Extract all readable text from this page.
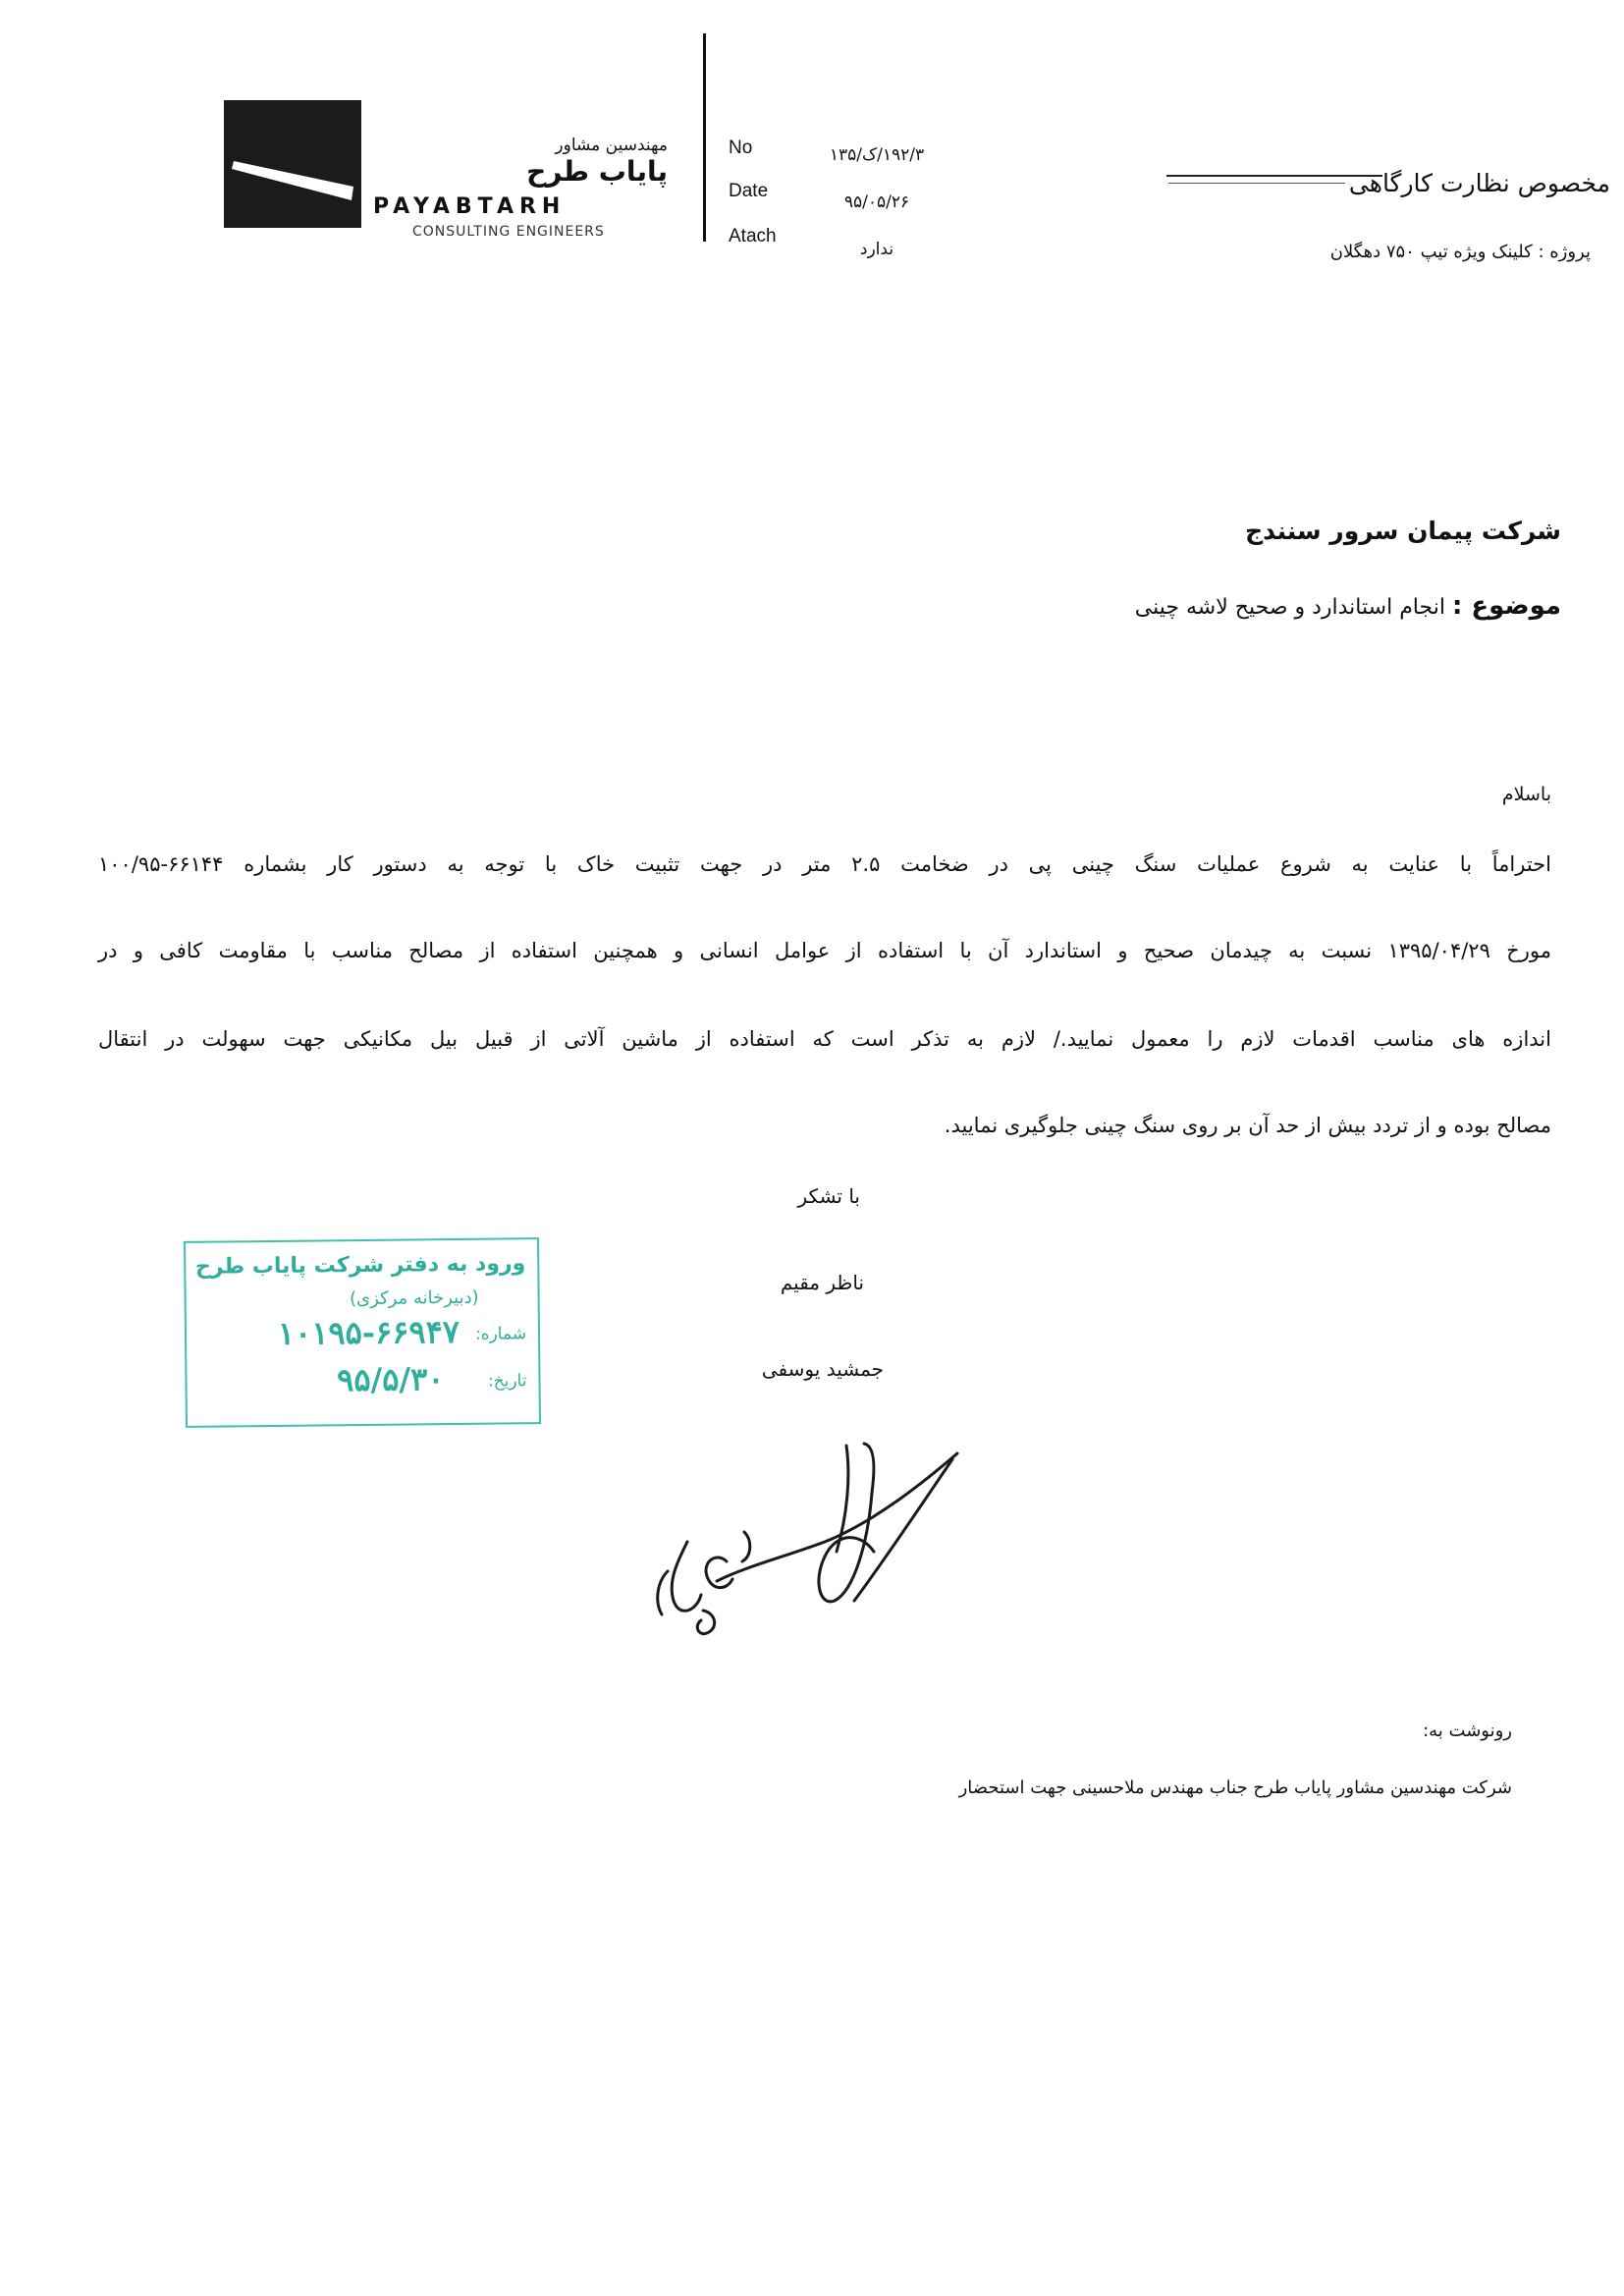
مهندسین مشاور
پایاب طرح
PAYABTARH
CONSULTING ENGINEERS
No	۱۹۲/۳/ک/۱۳۵
Date
۹۵/۰۵/۲۶
Atach
ندارد
مخصوص نظارت کارگاهی
پروژه : کلینک ویژه تیپ ۷۵۰ دهگلان
شرکت پیمان سرور سنندج
موضوع : انجام استاندارد و صحیح لاشه چینی
باسلام
احتراماً با عنایت به شروع عملیات سنگ چینی پی در ضخامت ۲.۵ متر در جهت تثبیت خاک با توجه به دستور کار بشماره ۶۶۱۴۴-۱۰۰/۹۵
مورخ ۱۳۹۵/۰۴/۲۹ نسبت به چیدمان صحیح و استاندارد آن با استفاده از عوامل انسانی و همچنین استفاده از مصالح مناسب با مقاومت کافی و در
اندازه های مناسب اقدمات لازم را معمول نمایید./ لازم به تذکر است که استفاده از ماشین آلاتی از قبیل بیل مکانیکی جهت سهولت در انتقال
مصالح بوده و از تردد بیش از حد آن بر روی سنگ چینی جلوگیری نمایید.
با تشکر
ناظر مقیم
جمشید یوسفی
ورود به دفتر شرکت پایاب طرح
(دبیرخانه مرکزی)
شماره:
۱۰۱۹۵-۶۶۹۴۷
تاریخ:
۹۵/۵/۳۰
رونوشت به:
شرکت مهندسین مشاور پایاب طرح جناب مهندس ملاحسینی جهت استحضار
